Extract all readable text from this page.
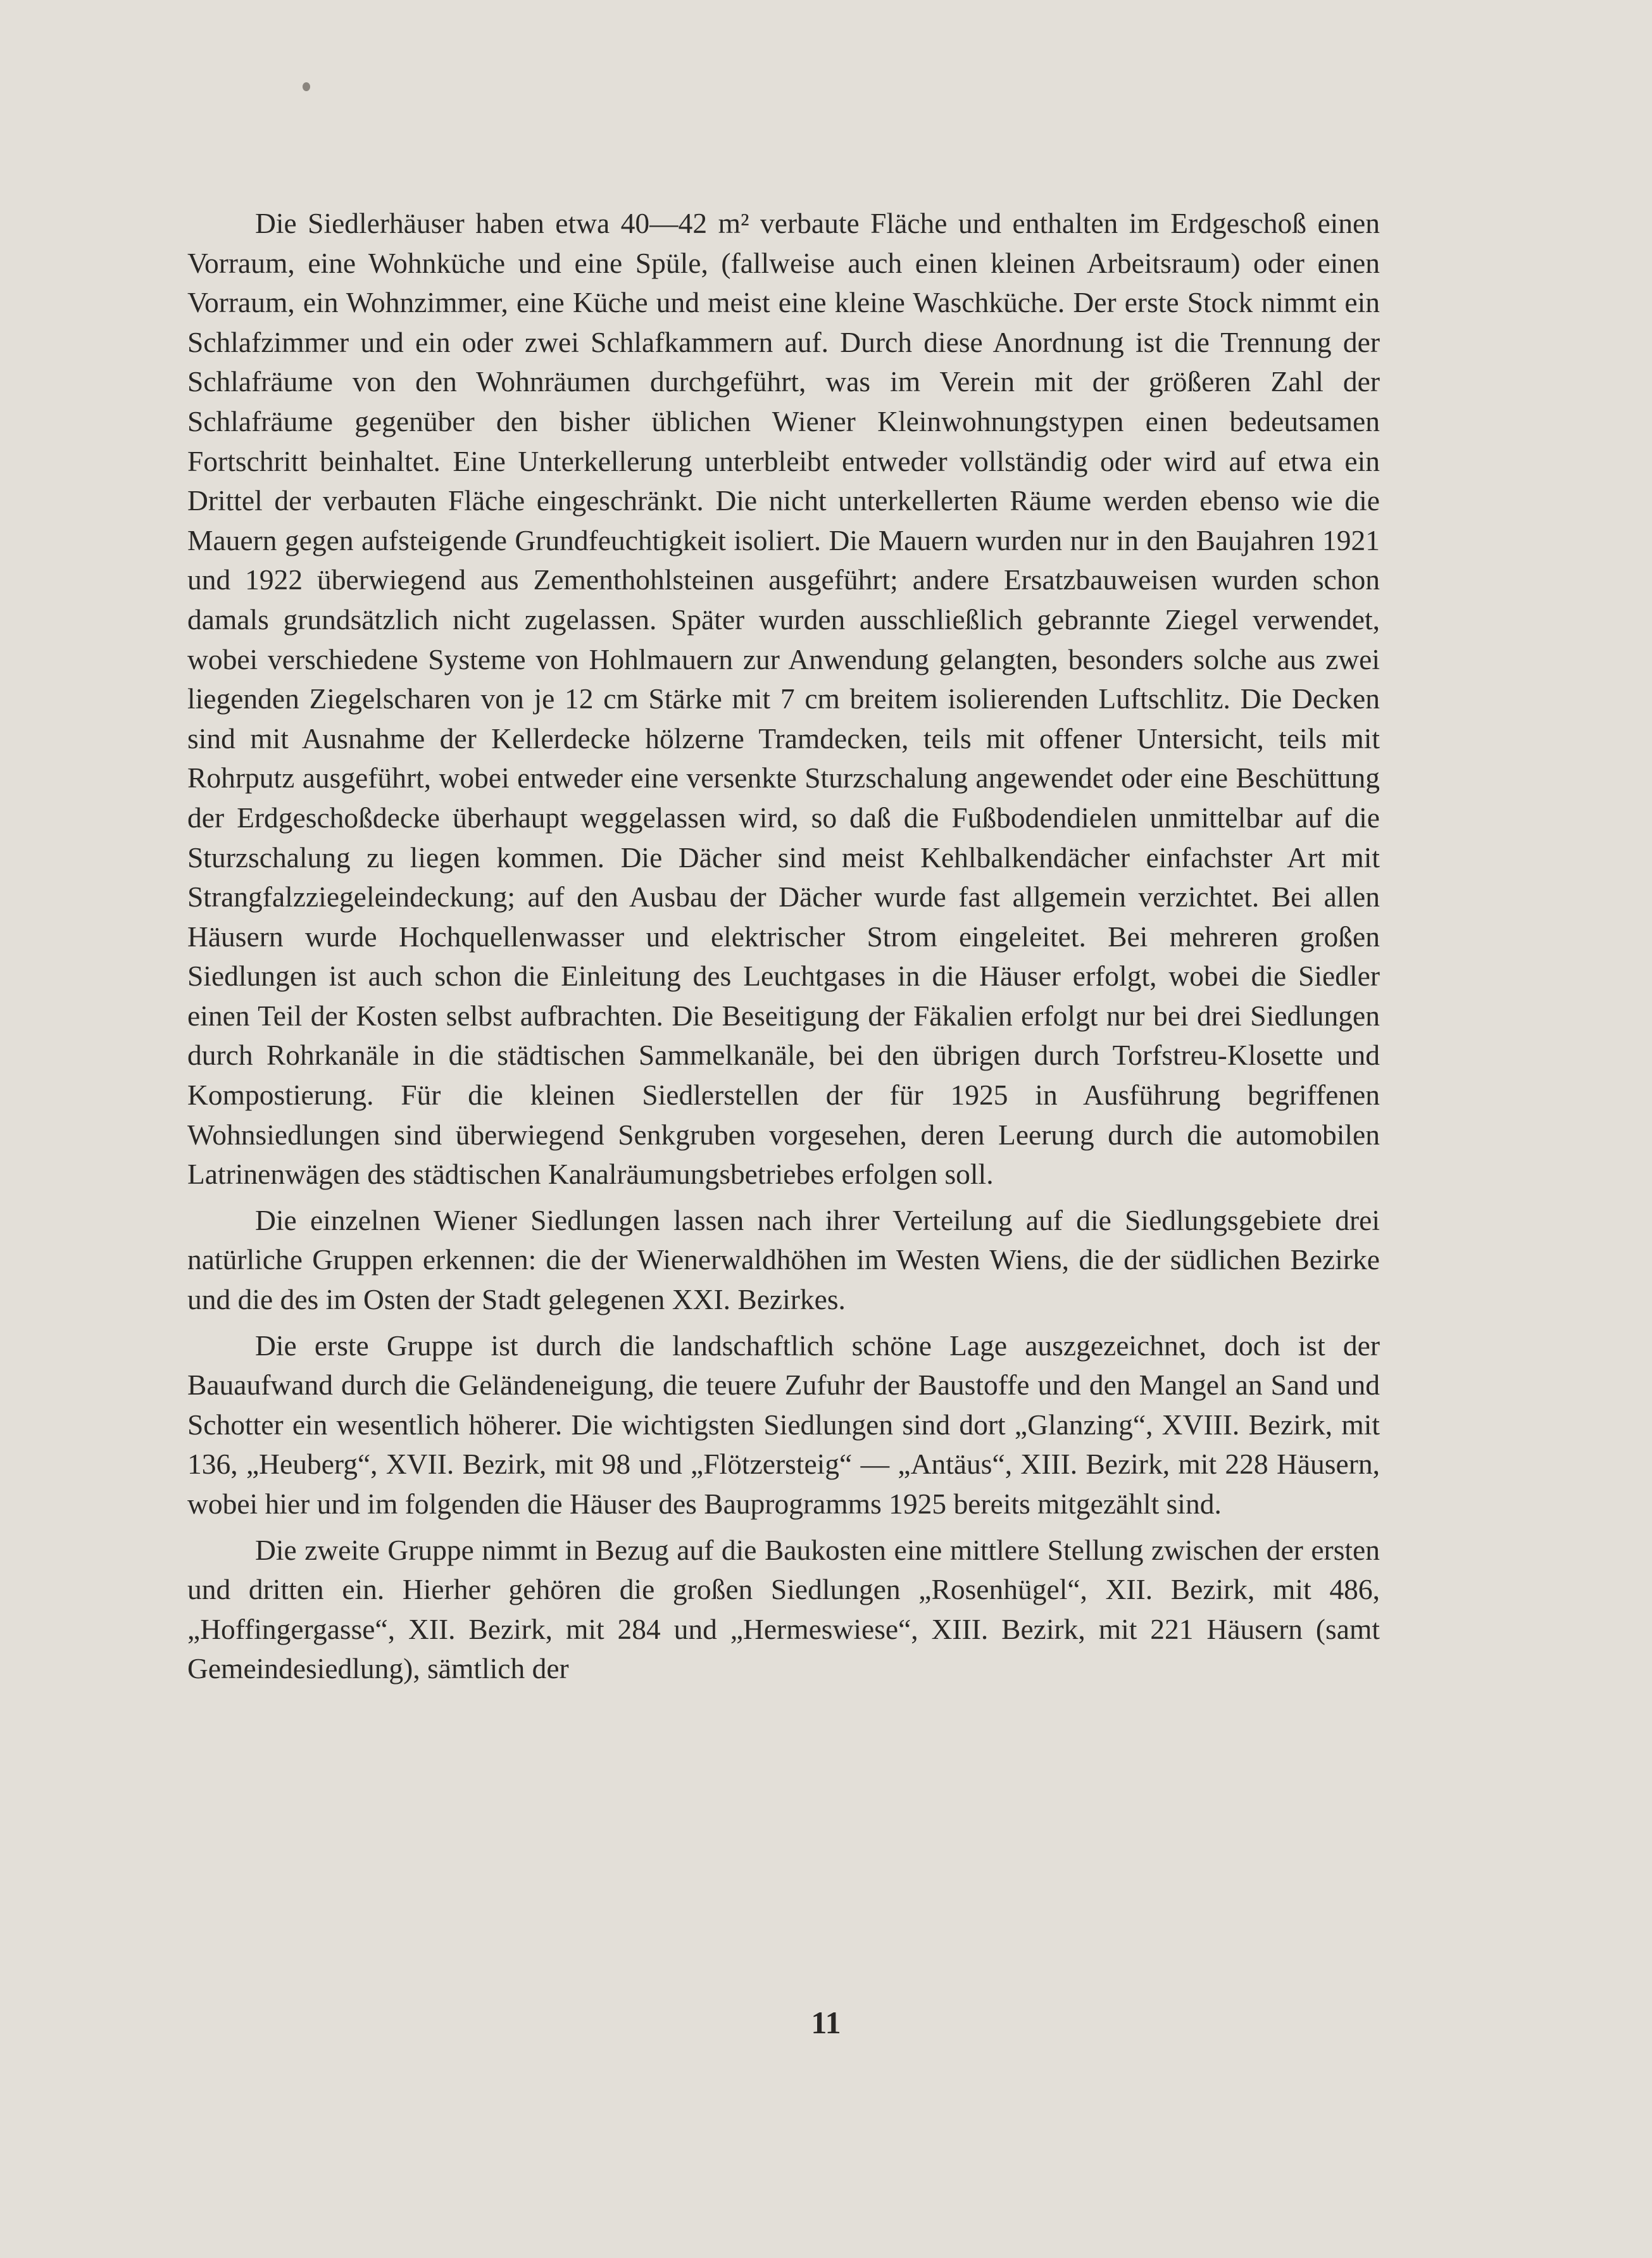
Die Siedlerhäuser haben etwa 40—42 m² verbaute Fläche und enthalten im Erdgeschoß einen Vorraum, eine Wohnküche und eine Spüle, (fallweise auch einen kleinen Arbeitsraum) oder einen Vorraum, ein Wohnzimmer, eine Küche und meist eine kleine Waschküche. Der erste Stock nimmt ein Schlafzimmer und ein oder zwei Schlafkammern auf. Durch diese Anordnung ist die Trennung der Schlafräume von den Wohnräumen durchgeführt, was im Verein mit der größeren Zahl der Schlafräume gegenüber den bisher üblichen Wiener Kleinwohnungstypen einen bedeutsamen Fortschritt beinhaltet. Eine Unterkellerung unterbleibt entweder vollständig oder wird auf etwa ein Drittel der verbauten Fläche eingeschränkt. Die nicht unterkellerten Räume werden ebenso wie die Mauern gegen aufsteigende Grundfeuchtigkeit isoliert. Die Mauern wurden nur in den Baujahren 1921 und 1922 überwiegend aus Zementhohlsteinen ausgeführt; andere Ersatzbauweisen wurden schon damals grundsätzlich nicht zugelassen. Später wurden ausschließlich gebrannte Ziegel verwendet, wobei verschiedene Systeme von Hohlmauern zur Anwendung gelangten, besonders solche aus zwei liegenden Ziegelscharen von je 12 cm Stärke mit 7 cm breitem isolierenden Luftschlitz. Die Decken sind mit Ausnahme der Kellerdecke hölzerne Tramdecken, teils mit offener Untersicht, teils mit Rohrputz ausgeführt, wobei entweder eine versenkte Sturzschalung angewendet oder eine Beschüttung der Erdgeschoßdecke überhaupt weggelassen wird, so daß die Fußbodendielen unmittelbar auf die Sturzschalung zu liegen kommen. Die Dächer sind meist Kehlbalkendächer einfachster Art mit Strangfalzziegeleindeckung; auf den Ausbau der Dächer wurde fast allgemein verzichtet. Bei allen Häusern wurde Hochquellenwasser und elektrischer Strom eingeleitet. Bei mehreren großen Siedlungen ist auch schon die Einleitung des Leuchtgases in die Häuser erfolgt, wobei die Siedler einen Teil der Kosten selbst aufbrachten. Die Beseitigung der Fäkalien erfolgt nur bei drei Siedlungen durch Rohrkanäle in die städtischen Sammelkanäle, bei den übrigen durch Torfstreu-Klosette und Kompostierung. Für die kleinen Siedlerstellen der für 1925 in Ausführung begriffenen Wohnsiedlungen sind überwiegend Senkgruben vorgesehen, deren Leerung durch die automobilen Latrinenwägen des städtischen Kanalräumungsbetriebes erfolgen soll.

Die einzelnen Wiener Siedlungen lassen nach ihrer Verteilung auf die Siedlungsgebiete drei natürliche Gruppen erkennen: die der Wienerwaldhöhen im Westen Wiens, die der südlichen Bezirke und die des im Osten der Stadt gelegenen XXI. Bezirkes.

Die erste Gruppe ist durch die landschaftlich schöne Lage auszgezeichnet, doch ist der Bauaufwand durch die Geländeneigung, die teuere Zufuhr der Baustoffe und den Mangel an Sand und Schotter ein wesentlich höherer. Die wichtigsten Siedlungen sind dort „Glanzing“, XVIII. Bezirk, mit 136, „Heuberg“, XVII. Bezirk, mit 98 und „Flötzersteig“ — „Antäus“, XIII. Bezirk, mit 228 Häusern, wobei hier und im folgenden die Häuser des Bauprogramms 1925 bereits mitgezählt sind.

Die zweite Gruppe nimmt in Bezug auf die Baukosten eine mittlere Stellung zwischen der ersten und dritten ein. Hierher gehören die großen Siedlungen „Rosenhügel“, XII. Bezirk, mit 486, „Hoffingergasse“, XII. Bezirk, mit 284 und „Hermeswiese“, XIII. Bezirk, mit 221 Häusern (samt Gemeindesiedlung), sämtlich der

11
